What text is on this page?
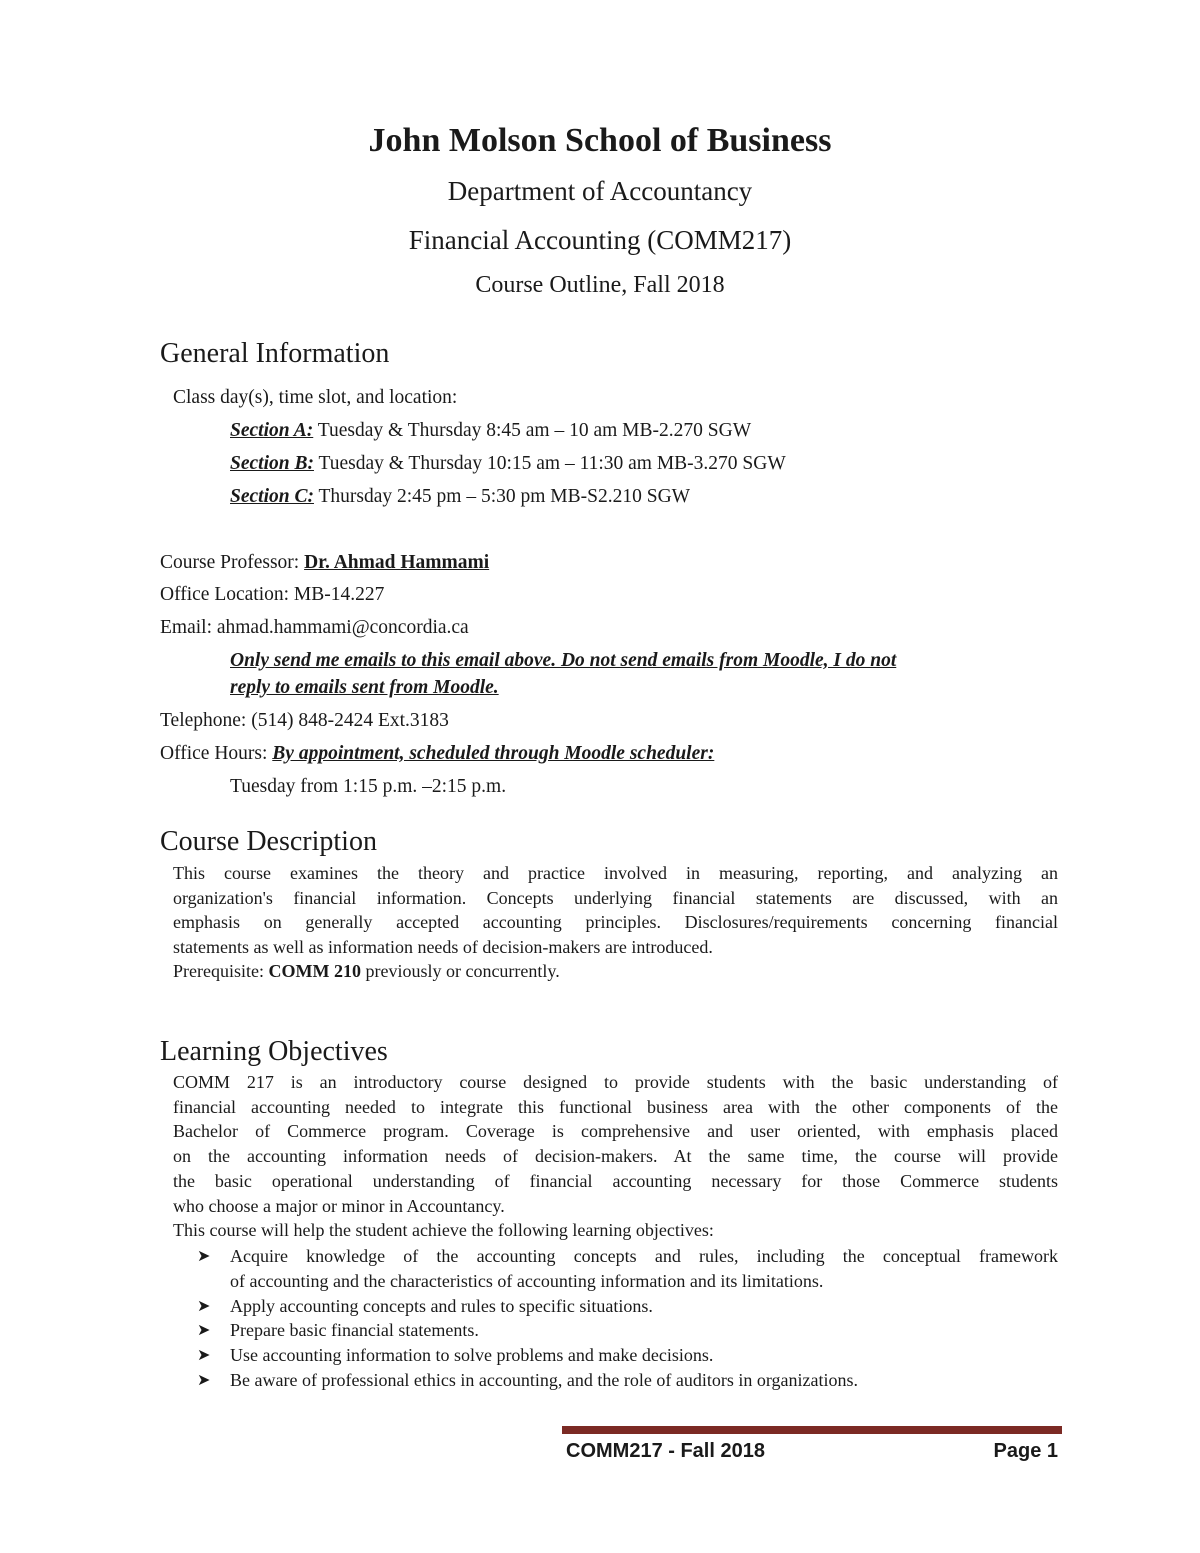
John Molson School of Business
Department of Accountancy
Financial Accounting (COMM217)
Course Outline, Fall 2018
General Information
Class day(s), time slot, and location:
Section A: Tuesday & Thursday 8:45 am – 10 am MB-2.270 SGW
Section B: Tuesday & Thursday 10:15 am – 11:30 am MB-3.270 SGW
Section C: Thursday 2:45 pm – 5:30 pm MB-S2.210 SGW
Course Professor: Dr. Ahmad Hammami
Office Location: MB-14.227
Email: ahmad.hammami@concordia.ca
Only send me emails to this email above. Do not send emails from Moodle, I do not
reply to emails sent from Moodle.
Telephone: (514) 848-2424 Ext.3183
Office Hours: By appointment, scheduled through Moodle scheduler:
Tuesday from 1:15 p.m. –2:15 p.m.
Course Description

This course examines the theory and practice involved in measuring, reporting, and analyzing an

organization's financial information. Concepts underlying financial statements are discussed, with an

emphasis on generally accepted accounting principles. Disclosures/requirements concerning financial

statements as well as information needs of decision-makers are introduced.

Prerequisite: COMM 210 previously or concurrently.

Learning Objectives

COMM 217 is an introductory course designed to provide students with the basic understanding of

financial accounting needed to integrate this functional business area with the other components of the

Bachelor of Commerce program. Coverage is comprehensive and user oriented, with emphasis placed

on the accounting information needs of decision-makers. At the same time, the course will provide

the basic operational understanding of financial accounting necessary for those Commerce students

who choose a major or minor in Accountancy.

This course will help the student achieve the following learning objectives:

➤ Acquire knowledge of the accounting concepts and rules, including the conceptual framework

of accounting and the characteristics of accounting information and its limitations.

➤ Apply accounting concepts and rules to specific situations.

➤ Prepare basic financial statements.

➤ Use accounting information to solve problems and make decisions.

➤ Be aware of professional ethics in accounting, and the role of auditors in organizations.

COMM217 - Fall 2018	Page 1
